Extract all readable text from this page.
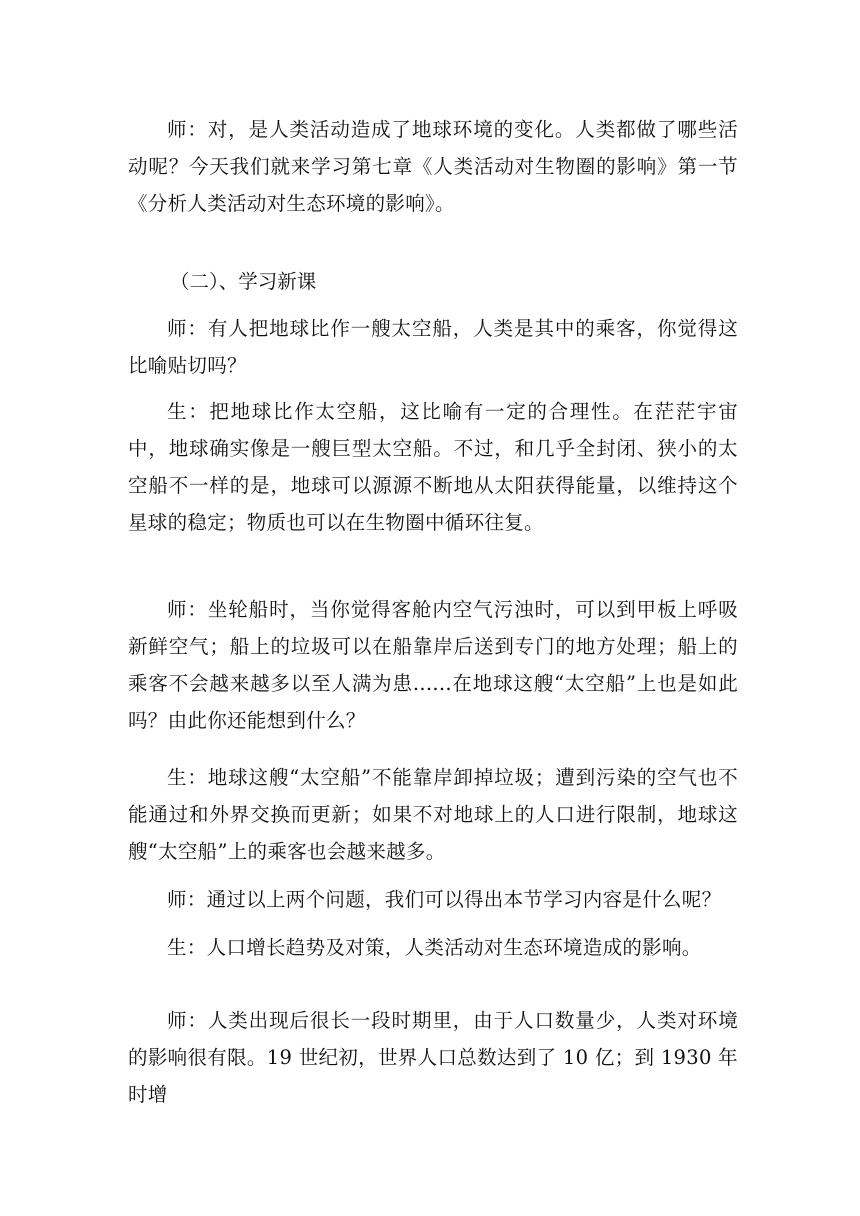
师：对，是人类活动造成了地球环境的变化。人类都做了哪些活动呢？今天我们就来学习第七章《人类活动对生物圈的影响》第一节《分析人类活动对生态环境的影响》。

（二）、学习新课

师：有人把地球比作一艘太空船，人类是其中的乘客，你觉得这比喻贴切吗？

生：把地球比作太空船，这比喻有一定的合理性。在茫茫宇宙中，地球确实像是一艘巨型太空船。不过，和几乎全封闭、狭小的太空船不一样的是，地球可以源源不断地从太阳获得能量，以维持这个星球的稳定；物质也可以在生物圈中循环往复。

师：坐轮船时，当你觉得客舱内空气污浊时，可以到甲板上呼吸新鲜空气；船上的垃圾可以在船靠岸后送到专门的地方处理；船上的乘客不会越来越多以至人满为患......在地球这艘“太空船”上也是如此吗？由此你还能想到什么？

生：地球这艘“太空船”不能靠岸卸掉垃圾；遭到污染的空气也不能通过和外界交换而更新；如果不对地球上的人口进行限制，地球这艘“太空船”上的乘客也会越来越多。

师：通过以上两个问题，我们可以得出本节学习内容是什么呢？

生：人口增长趋势及对策，人类活动对生态环境造成的影响。

师：人类出现后很长一段时期里，由于人口数量少，人类对环境的影响很有限。19 世纪初，世界人口总数达到了 10 亿；到 1930 年时增
